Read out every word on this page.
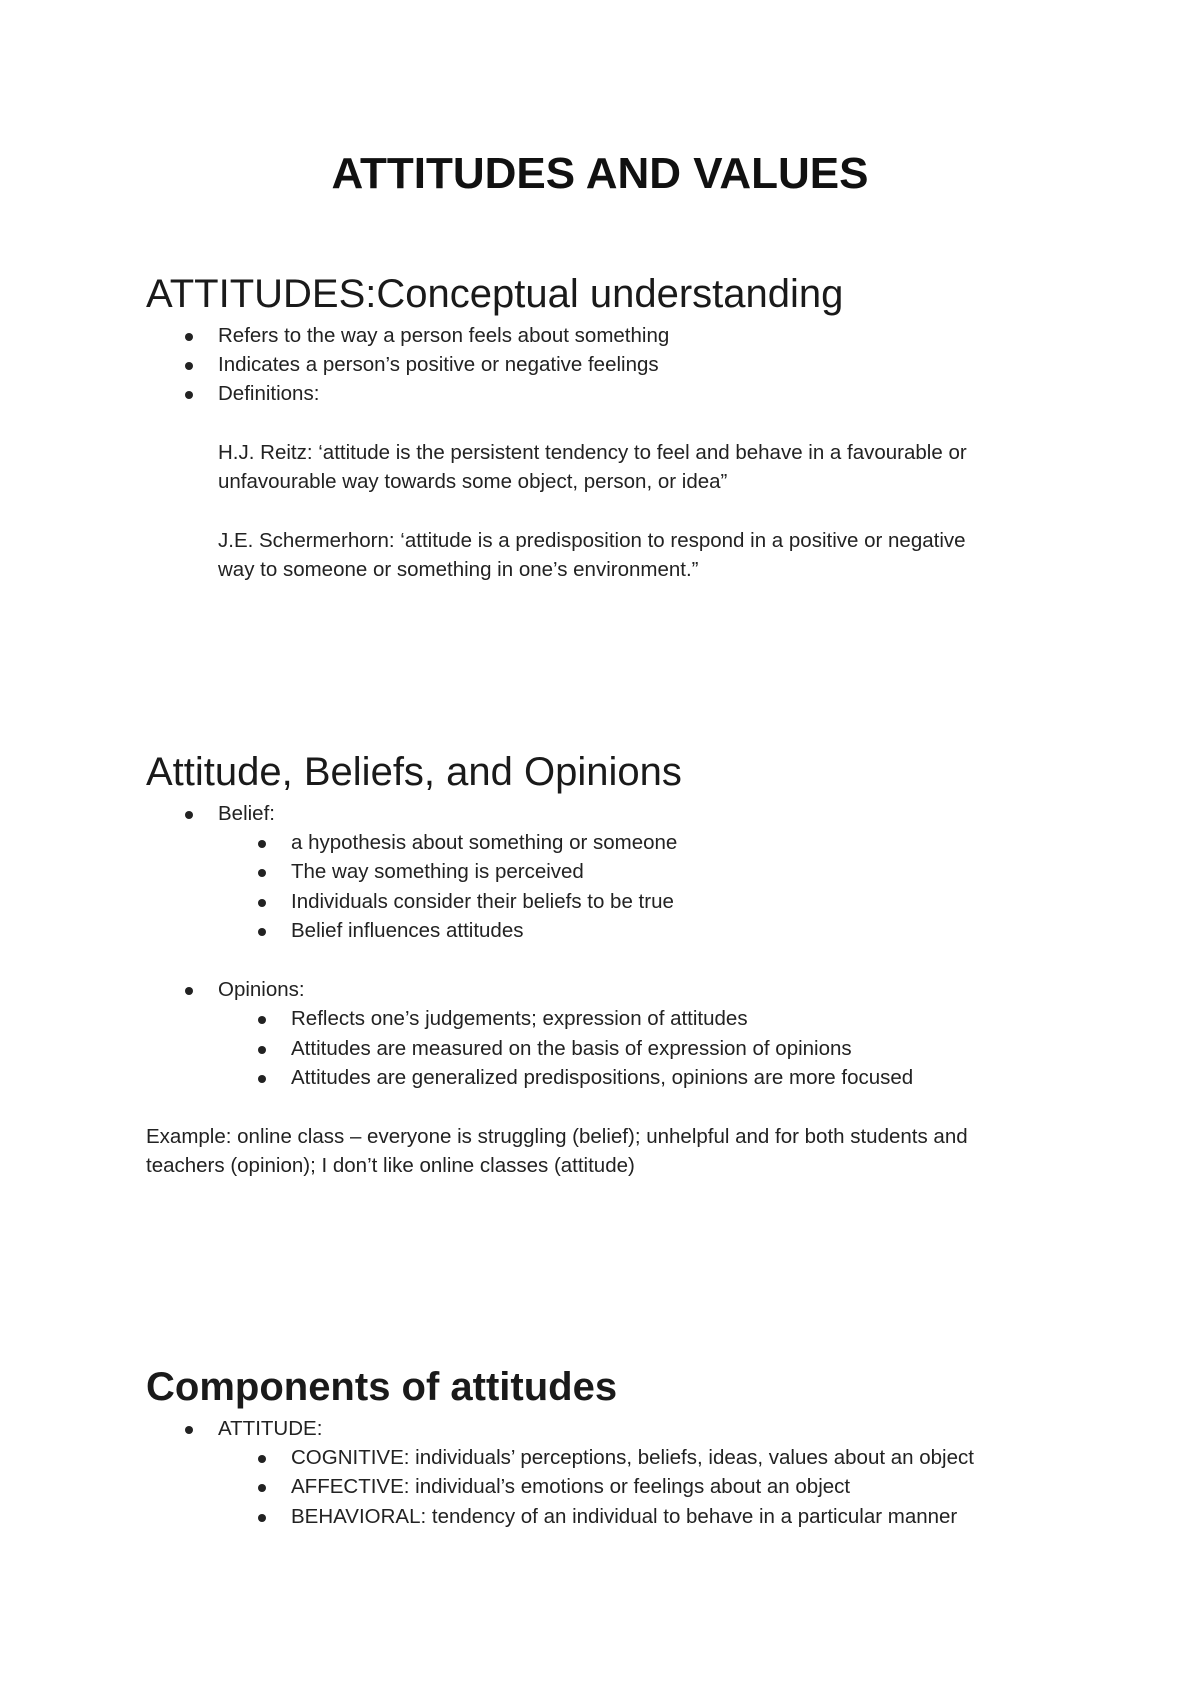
ATTITUDES AND VALUES
ATTITUDES:Conceptual understanding
Refers to the way a person feels about something
Indicates a person’s positive or negative feelings
Definitions:
H.J. Reitz: ‘attitude is the persistent tendency to feel and behave in a favourable or
unfavourable way towards some object, person, or idea”
J.E. Schermerhorn: ‘attitude is a predisposition to respond in a positive or negative
way to someone or something in one’s environment.”
Attitude, Beliefs, and Opinions
Belief:
a hypothesis about something or someone
The way something is perceived
Individuals consider their beliefs to be true
Belief influences attitudes
Opinions:
Reflects one’s judgements; expression of attitudes
Attitudes are measured on the basis of expression of opinions
Attitudes are generalized predispositions, opinions are more focused
Example: online class – everyone is struggling (belief); unhelpful and for both students and
teachers (opinion); I don’t like online classes (attitude)
Components of attitudes
ATTITUDE:
COGNITIVE: individuals’ perceptions, beliefs, ideas, values about an object
AFFECTIVE: individual’s emotions or feelings about an object
BEHAVIORAL: tendency of an individual to behave in a particular manner
